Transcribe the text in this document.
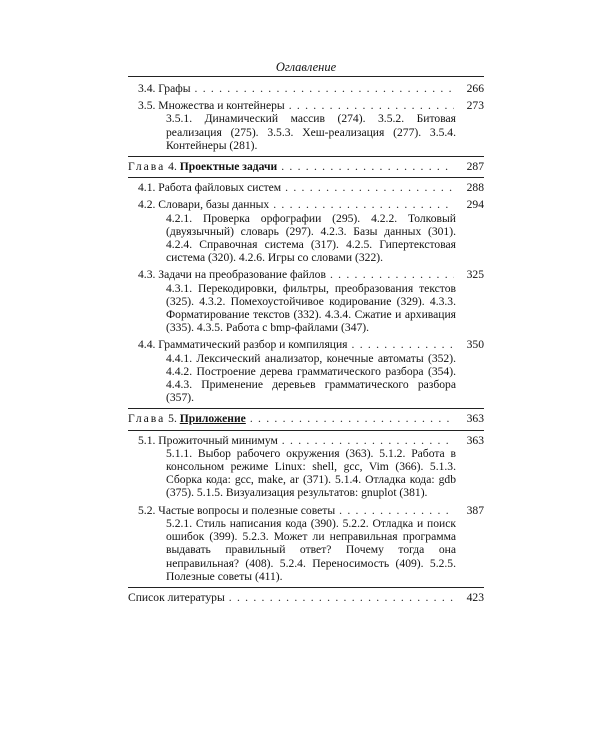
Оглавление
3.4. Графы . . .	266
3.5. Множества и контейнеры . . .	273
3.5.1. Динамический массив (274). 3.5.2. Битовая реализация (275). 3.5.3. Хеш-реализация (277). 3.5.4. Контейнеры (281).
Глава 4. Проектные задачи . . .	287
4.1. Работа файловых систем . . .	288
4.2. Словари, базы данных . . .	294
4.2.1. Проверка орфографии (295). 4.2.2. Толковый (двуязычный) словарь (297). 4.2.3. Базы данных (301). 4.2.4. Справочная система (317). 4.2.5. Гипертекстовая система (320). 4.2.6. Игры со словами (322).
4.3. Задачи на преобразование файлов . . .	325
4.3.1. Перекодировки, фильтры, преобразования текстов (325). 4.3.2. Помехоустойчивое кодирование (329). 4.3.3. Форматирование текстов (332). 4.3.4. Сжатие и архивация (335). 4.3.5. Работа с bmp-файлами (347).
4.4. Грамматический разбор и компиляция . . .	350
4.4.1. Лексический анализатор, конечные автоматы (352). 4.4.2. Построение дерева грамматического разбора (354). 4.4.3. Применение деревьев грамматического разбора (357).
Глава 5. Приложение . . .	363
5.1. Прожиточный минимум . . .	363
5.1.1. Выбор рабочего окружения (363). 5.1.2. Работа в консольном режиме Linux: shell, gcc, Vim (366). 5.1.3. Сборка кода: gcc, make, ar (371). 5.1.4. Отладка кода: gdb (375). 5.1.5. Визуализация результатов: gnuplot (381).
5.2. Частые вопросы и полезные советы . . .	387
5.2.1. Стиль написания кода (390). 5.2.2. Отладка и поиск ошибок (399). 5.2.3. Может ли неправильная программа выдавать правильный ответ? Почему тогда она неправильная? (408). 5.2.4. Переносимость (409). 5.2.5. Полезные советы (411).
Список литературы . . .	423
